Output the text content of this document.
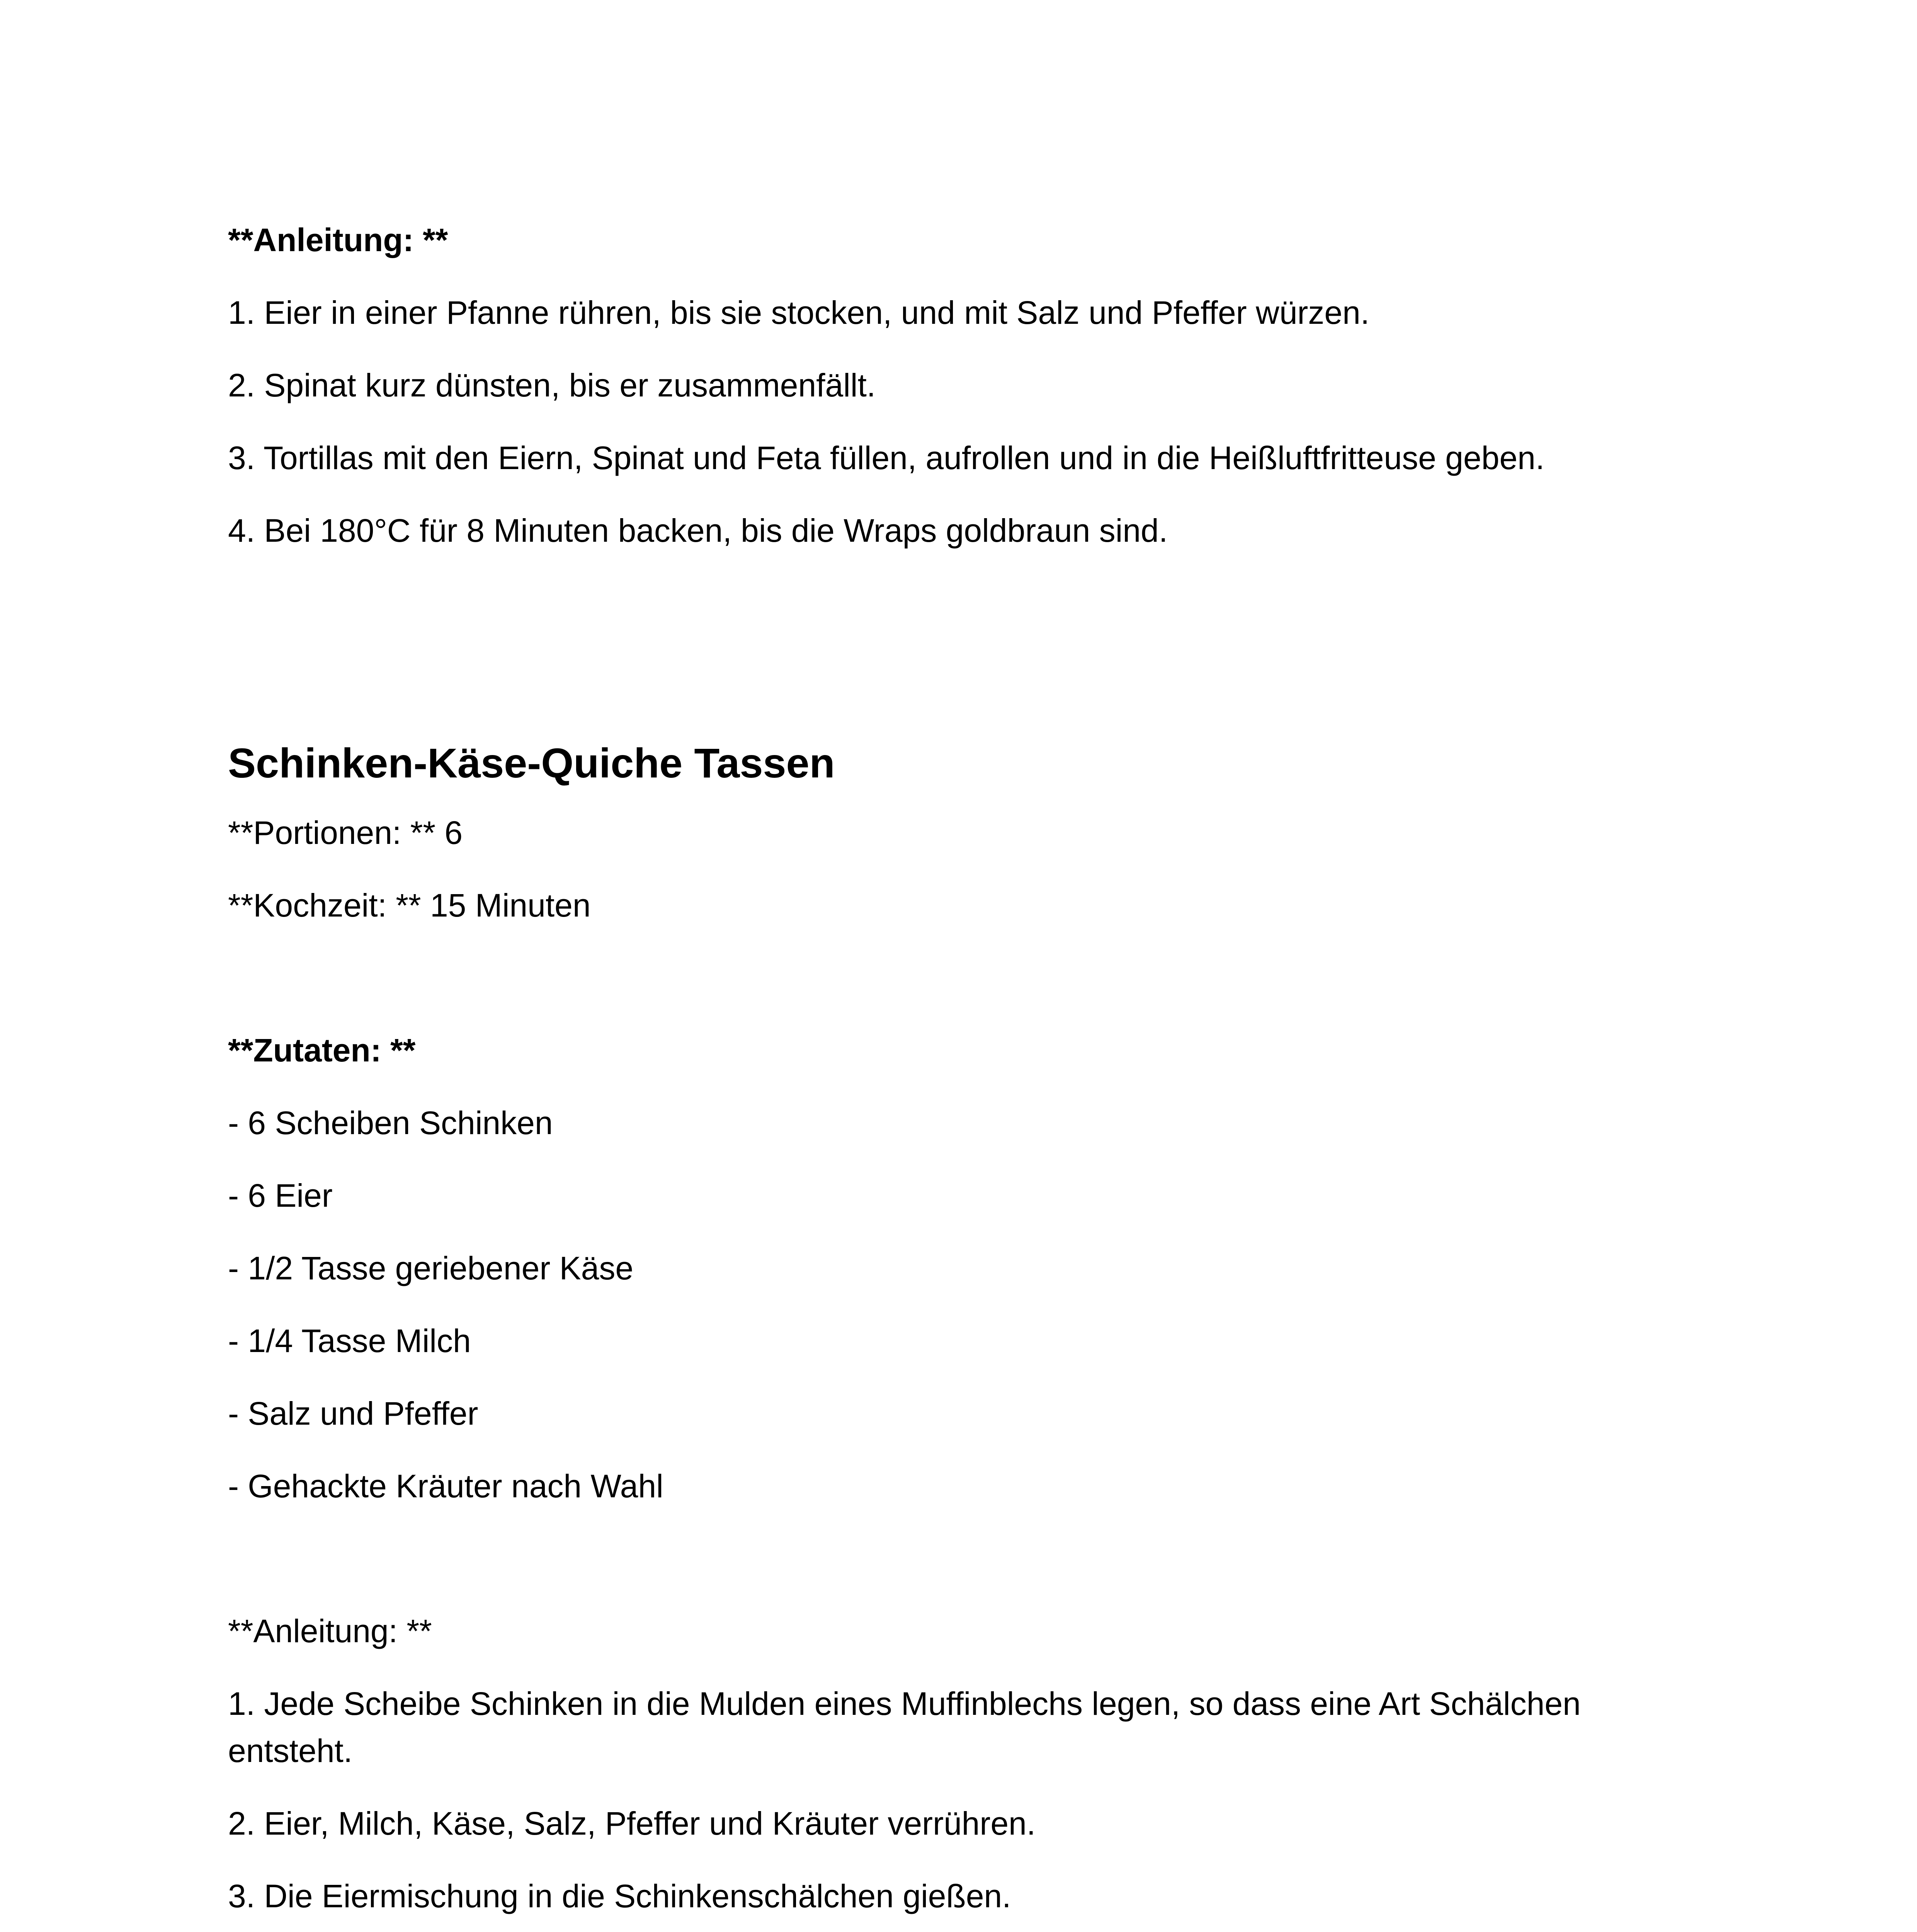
**Anleitung: **
1. Eier in einer Pfanne rühren, bis sie stocken, und mit Salz und Pfeffer würzen.
2. Spinat kurz dünsten, bis er zusammenfällt.
3. Tortillas mit den Eiern, Spinat und Feta füllen, aufrollen und in die Heißluftfritteuse geben.
4. Bei 180°C für 8 Minuten backen, bis die Wraps goldbraun sind.
Schinken-Käse-Quiche Tassen
**Portionen: ** 6
**Kochzeit: ** 15 Minuten
**Zutaten: **
- 6 Scheiben Schinken
- 6 Eier
- 1/2 Tasse geriebener Käse
- 1/4 Tasse Milch
- Salz und Pfeffer
- Gehackte Kräuter nach Wahl
**Anleitung: **
1. Jede Scheibe Schinken in die Mulden eines Muffinblechs legen, so dass eine Art Schälchen entsteht.
2. Eier, Milch, Käse, Salz, Pfeffer und Kräuter verrühren.
3. Die Eiermischung in die Schinkenschälchen gießen.
